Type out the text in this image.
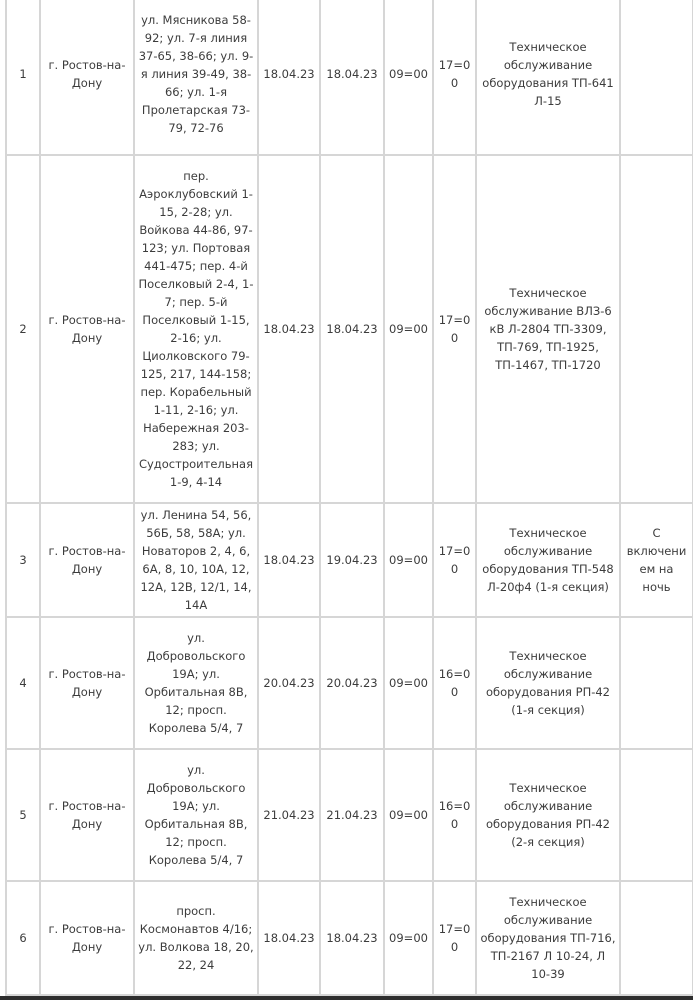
1	г. Ростов-на-Дону	ул. Мясникова 58-92; ул. 7-я линия 37-65, 38-66; ул. 9-я линия 39-49, 38-66; ул. 1-я Пролетарская 73-79, 72-76	18.04.23	18.04.23	09=00	17=00	Техническое обслуживание оборудования ТП-641 Л-15	
2	г. Ростов-на-Дону	пер. Аэроклубовский 1-15, 2-28; ул. Войкова 44-86, 97-123; ул. Портовая 441-475; пер. 4-й Поселковый 2-4, 1-7; пер. 5-й Поселковый 1-15, 2-16; ул. Циолковского 79-125, 217, 144-158; пер. Корабельный 1-11, 2-16; ул. Набережная 203-283; ул. Судостроительная 1-9, 4-14	18.04.23	18.04.23	09=00	17=00	Техническое обслуживание ВЛЗ-6 кВ Л-2804 ТП-3309, ТП-769, ТП-1925, ТП-1467, ТП-1720	
3	г. Ростов-на-Дону	ул. Ленина 54, 56, 56Б, 58, 58А; ул. Новаторов 2, 4, 6, 6А, 8, 10, 10А, 12, 12А, 12В, 12/1, 14, 14А	18.04.23	19.04.23	09=00	17=00	Техническое обслуживание оборудования ТП-548 Л-20ф4 (1-я секция)	С включением на ночь
4	г. Ростов-на-Дону	ул. Добровольского 19А; ул. Орбитальная 8В, 12; просп. Королева 5/4, 7	20.04.23	20.04.23	09=00	16=00	Техническое обслуживание оборудования РП-42 (1-я секция)	
5	г. Ростов-на-Дону	ул. Добровольского 19А; ул. Орбитальная 8В, 12; просп. Королева 5/4, 7	21.04.23	21.04.23	09=00	16=00	Техническое обслуживание оборудования РП-42 (2-я секция)	
6	г. Ростов-на-Дону	просп. Космонавтов 4/16; ул. Волкова 18, 20, 22, 24	18.04.23	18.04.23	09=00	17=00	Техническое обслуживание оборудования ТП-716, ТП-2167 Л 10-24, Л 10-39	
